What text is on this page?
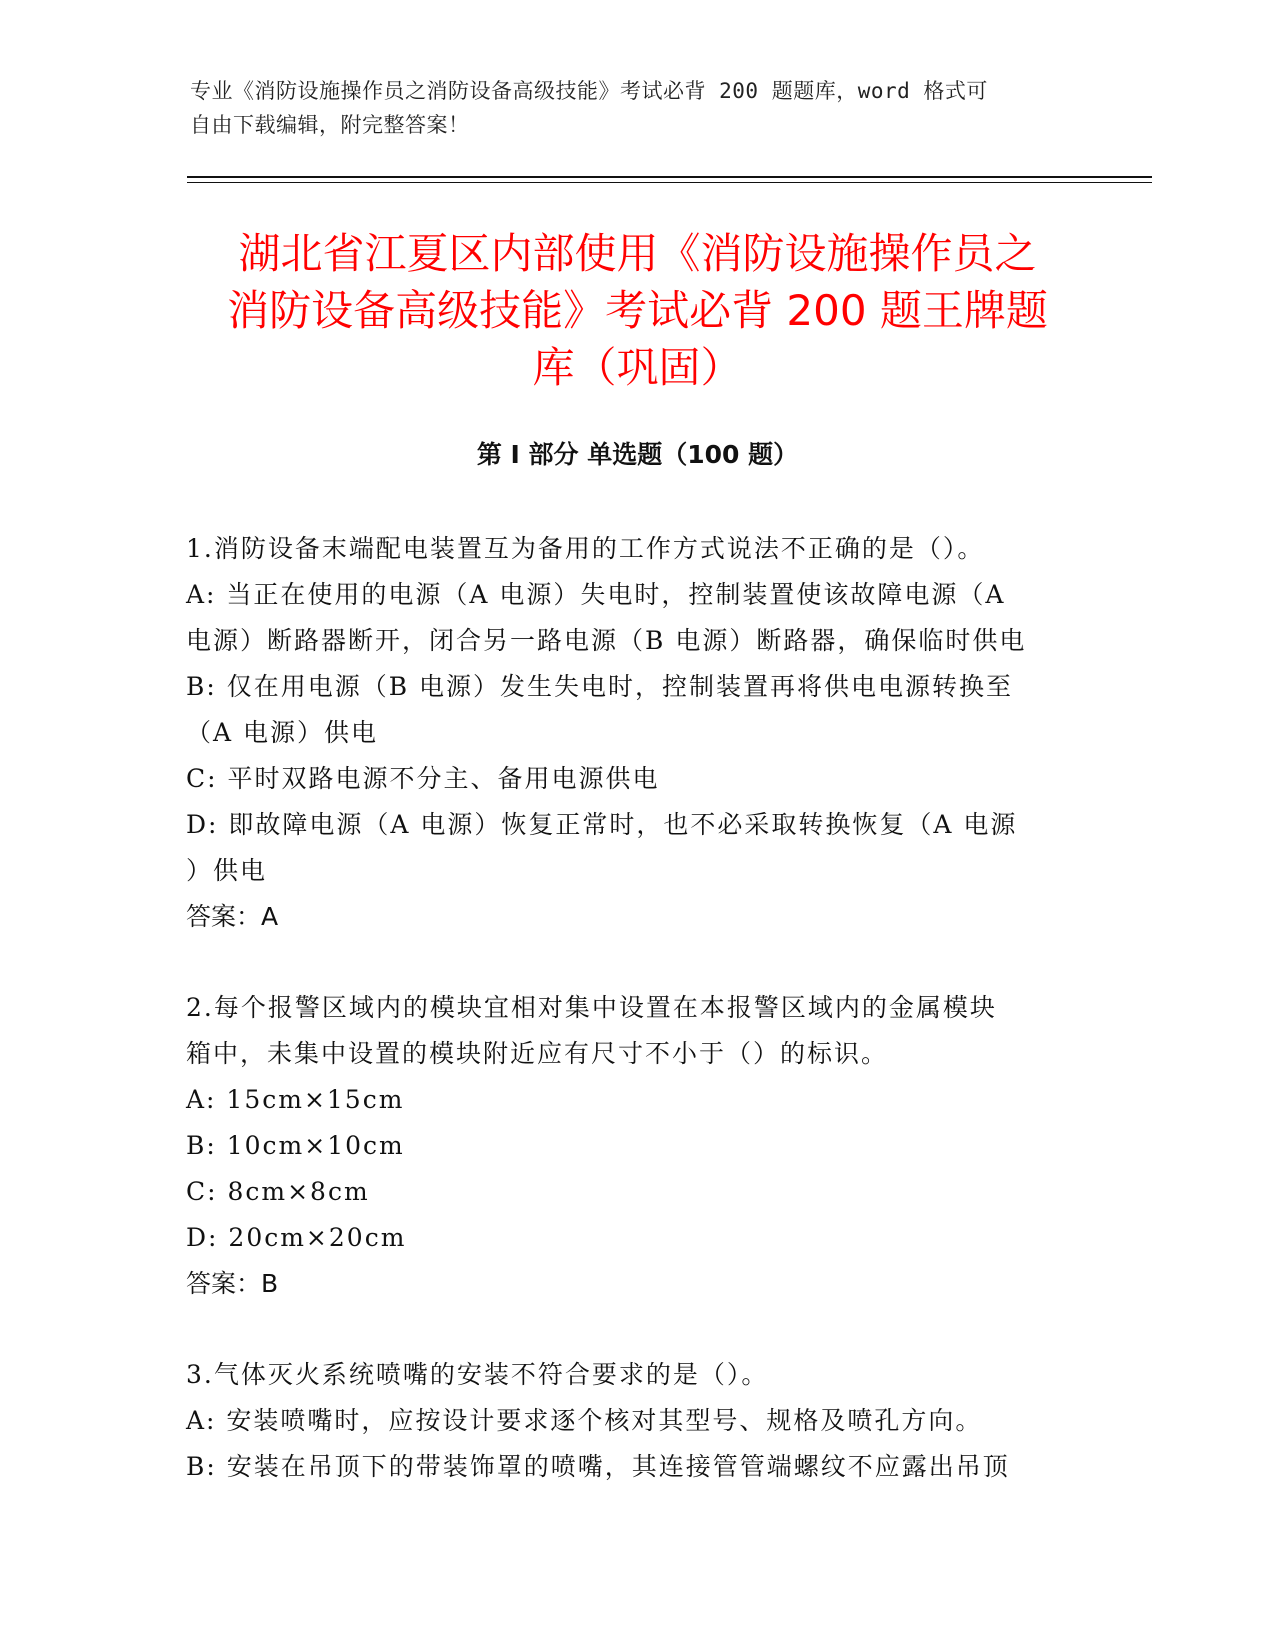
专业《消防设施操作员之消防设备高级技能》考试必背 200 题题库，word 格式可
自由下载编辑，附完整答案！
湖北省江夏区内部使用《消防设施操作员之
消防设备高级技能》考试必背 200 题王牌题
库（巩固）
第 I 部分 单选题（100 题）
1.消防设备末端配电装置互为备用的工作方式说法不正确的是（）。
A: 当正在使用的电源（A 电源）失电时，控制装置使该故障电源（A
电源）断路器断开，闭合另一路电源（B 电源）断路器，确保临时供电
B: 仅在用电源（B 电源）发生失电时，控制装置再将供电电源转换至
（A 电源）供电
C: 平时双路电源不分主、备用电源供电
D: 即故障电源（A 电源）恢复正常时，也不必采取转换恢复（A 电源
）供电
答案：A
2.每个报警区域内的模块宜相对集中设置在本报警区域内的金属模块
箱中，未集中设置的模块附近应有尺寸不小于（）的标识。
A: 15cm×15cm
B: 10cm×10cm
C: 8cm×8cm
D: 20cm×20cm
答案：B
3.气体灭火系统喷嘴的安装不符合要求的是（）。
A: 安装喷嘴时，应按设计要求逐个核对其型号、规格及喷孔方向。
B: 安装在吊顶下的带装饰罩的喷嘴，其连接管管端螺纹不应露出吊顶
